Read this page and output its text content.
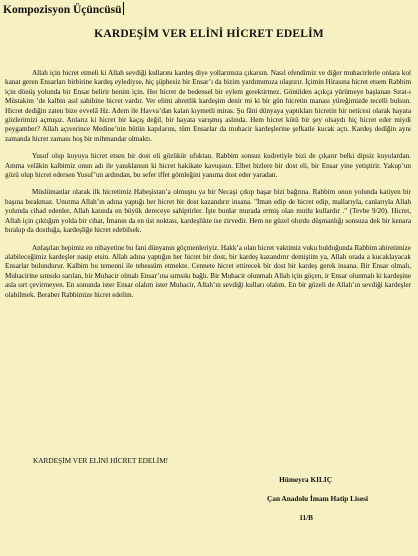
Kompozisyon Üçüncüsü
KARDEŞİM VER ELİNİ HİCRET EDELİM

Allah için hicret etmeli ki Allah sevdiği kullarını kardeş diye yollarımıza çıkarsın. Nasıl efendimiz ve diğer muhacirlerle onlara kol kanat geren Ensarları birbirine kardeş eylediyse, hiç şüphesiz bir Ensar’ı da bizim yardımımıza ulaştırır. İçimin Hirasına hicret etsem Rabbim için dönüş yolunda bir Ensar belirir benim için. Her hicret de bedensel bir eylem gerektirmez. Gönülden açıkça yürümeye başlanan Sırat-ı Müstakim ’de kalbin asıl sahibine hicret vardır. Ver elimi ahretlik kardeşim denir mi ki bir gün hicretin manası yüreğimizde tecelli bulsun. Hicret dediğin zaten bize evvelâ Hz. Adem ile Havva’dan kalan kıymetli miras. Şu fâni dünyaya yaptıkları hicretin bir neticesi olarak hayata gözlerimizi açmışız. Anlarız ki hicret bir kaçış değil, bir hayata varışmış aslında. Hem hicret kötü bir şey olsaydı hiç hicret eder miydi peygamber? Allah açıverince Medine’nin bütün kapılarını, tüm Ensarlar da muhacir kardeşlerine şefkatle kucak açtı. Kardeş dediğin aynı zamanda hicret zamanı hoş bir mihmandar olmaktı.

Yusuf olup kuyuya hicret etsen bir dost eli gözükür ufuktan. Rabbim sonsuz kudretiyle bizi de çıkarır belki dipsiz kuyulardan. Amma velâkin kalbimiz onun adı ile yanıklansın ki hicret hakikate kavuşsun. Elbet bizlere bir dost eli, bir Ensar yine yetiştirir. Yakup’un gözü olup hicret edersen Yusuf’un ardından, bu sefer iffet gömleğini yanıma dost eder yaradan.

Müslümanlar olarak ilk hicretimiz Habeşistan’a olmuştu ya bir Necaşi çıkıp başar bizi bağrına. Rabbim onun yolunda katiyen bir başına bırakmaz. Unutma Allah’ın adına yaptığı her hicret bir dost kazandırır insana. "İman edip de hicret edip, mallarıyla, canlarıyla Allah yolunda cihad edenler, Allah katında en büyük dereceye sahiptirler. İşte bunlar murada ermiş olan mutlu kullardır ." (Tevbe 9/20). Hicret, Allah için çıktığım yolda bir cihat, İmanın da en üst noktası, kardeşlikte ise zirvedir. Hem ne güzel olurdu düşmanlığı sonsuza dek bir kenara bırakıp da dostluğa, kardeşliğe hicret edebilsek.

Anlaşılan hepimiz en nihayetine bu fani dünyanın göçmenleriyiz. Hakk’a olan hicret vaktimiz vuku bulduğunda Rabbim ahiretimize alabileceğimiz kardeşler nasip etsin. Allah adına yaptığın her hicret bir dost, bir kardeş kazandırır demiştim ya, Allah orada a kucaklayacak Ensarlar bulundurur. Kalbim bu temenni ile tebessüm etmekte. Cennete hicret ettirecek bir dost bir kardeş gerek insana. Bir Ensar olmalı, Muhacirine sımsıkı sarılan, bir Muhacir olmalı Ensar’ına sımsıkı bağlı. Bir Muhacir olunmalı Allah için göçen, ir Ensar olunmalı ki kardeşine asla sırt çevirmeyen. En sonunda ister Ensar olalım ister Muhacir, Allah’ın sevdiği kulları olalım. En bir güzeli de Allah’ın sevdiği kardeşler olabilmek. Beraber Rabbimize hicret edelim.

KARDEŞİM VER ELİNİ HİCRET EDELİM!
Hümeyra KILIÇ
Çan Anadolu İmam Hatip Lisesi
11/B
